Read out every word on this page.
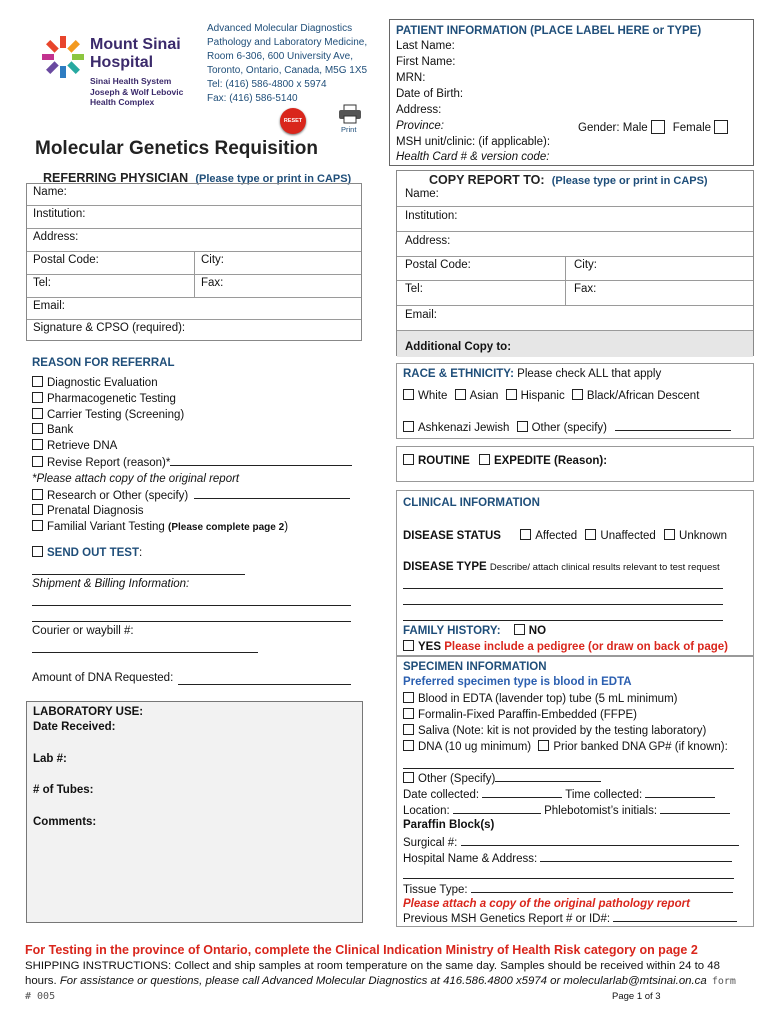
Mount Sinai
Hospital
Sinai Health System
Joseph & Wolf Lebovic
Health Complex
Advanced Molecular Diagnostics
Pathology and Laboratory Medicine,
Room 6-306, 600 University Ave,
Toronto, Ontario, Canada, M5G 1X5
Tel: (416) 586-4800 x 5974
Fax: (416) 586-5140
RESET
Print
Molecular Genetics Requisition
PATIENT INFORMATION (PLACE LABEL HERE or TYPE)
Last Name:
First Name:
MRN:
Date of Birth:
Address:
Province:	Gender: Male Female
MSH unit/clinic: (if applicable):
Health Card # & version code:
REFERRING PHYSICIAN (Please type or print in CAPS)
Name:
Institution:
Address:
Postal Code:	City:
Tel:	Fax:
Email:
Signature & CPSO (required):
COPY REPORT TO: (Please type or print in CAPS)
Name:
Institution:
Address:
Postal Code:	City:
Tel:	Fax:
Email:
Additional Copy to:
REASON FOR REFERRAL
Diagnostic Evaluation
Pharmacogenetic Testing
Carrier Testing (Screening)
Bank
Retrieve DNA
Revise Report (reason)*
*Please attach copy of the original report
Research or Other (specify)
Prenatal Diagnosis
Familial Variant Testing (Please complete page 2)
SEND OUT TEST:
Shipment & Billing Information:
Courier or waybill #:
Amount of DNA Requested:
LABORATORY USE:
Date Received:
Lab #:
# of Tubes:
Comments:
RACE & ETHNICITY: Please check ALL that apply
White Asian Hispanic Black/African Descent
Ashkenazi Jewish Other (specify)
ROUTINE EXPEDITE (Reason):
CLINICAL INFORMATION
DISEASE STATUS	Affected Unaffected Unknown
DISEASE TYPE Describe/ attach clinical results relevant to test request
FAMILY HISTORY: NO
YES Please include a pedigree (or draw on back of page)
SPECIMEN INFORMATION
Preferred specimen type is blood in EDTA
Blood in EDTA (lavender top) tube (5 mL minimum)
Formalin-Fixed Paraffin-Embedded (FFPE)
Saliva (Note: kit is not provided by the testing laboratory)
DNA (10 ug minimum) Prior banked DNA GP# (if known):
Other (Specify)
Date collected:	Time collected:
Location:	Phlebotomist’s initials:
Paraffin Block(s)
Surgical #:
Hospital Name & Address:
Tissue Type:
Please attach a copy of the original pathology report
Previous MSH Genetics Report # or ID#:
For Testing in the province of Ontario, complete the Clinical Indication Ministry of Health Risk category on page 2
SHIPPING INSTRUCTIONS: Collect and ship samples at room temperature on the same day. Samples should be received within 24 to 48
hours. For assistance or questions, please call Advanced Molecular Diagnostics at 416.586.4800 x5974 or molecularlab@mtsinai.on.ca form
# 005	Page 1 of 3
